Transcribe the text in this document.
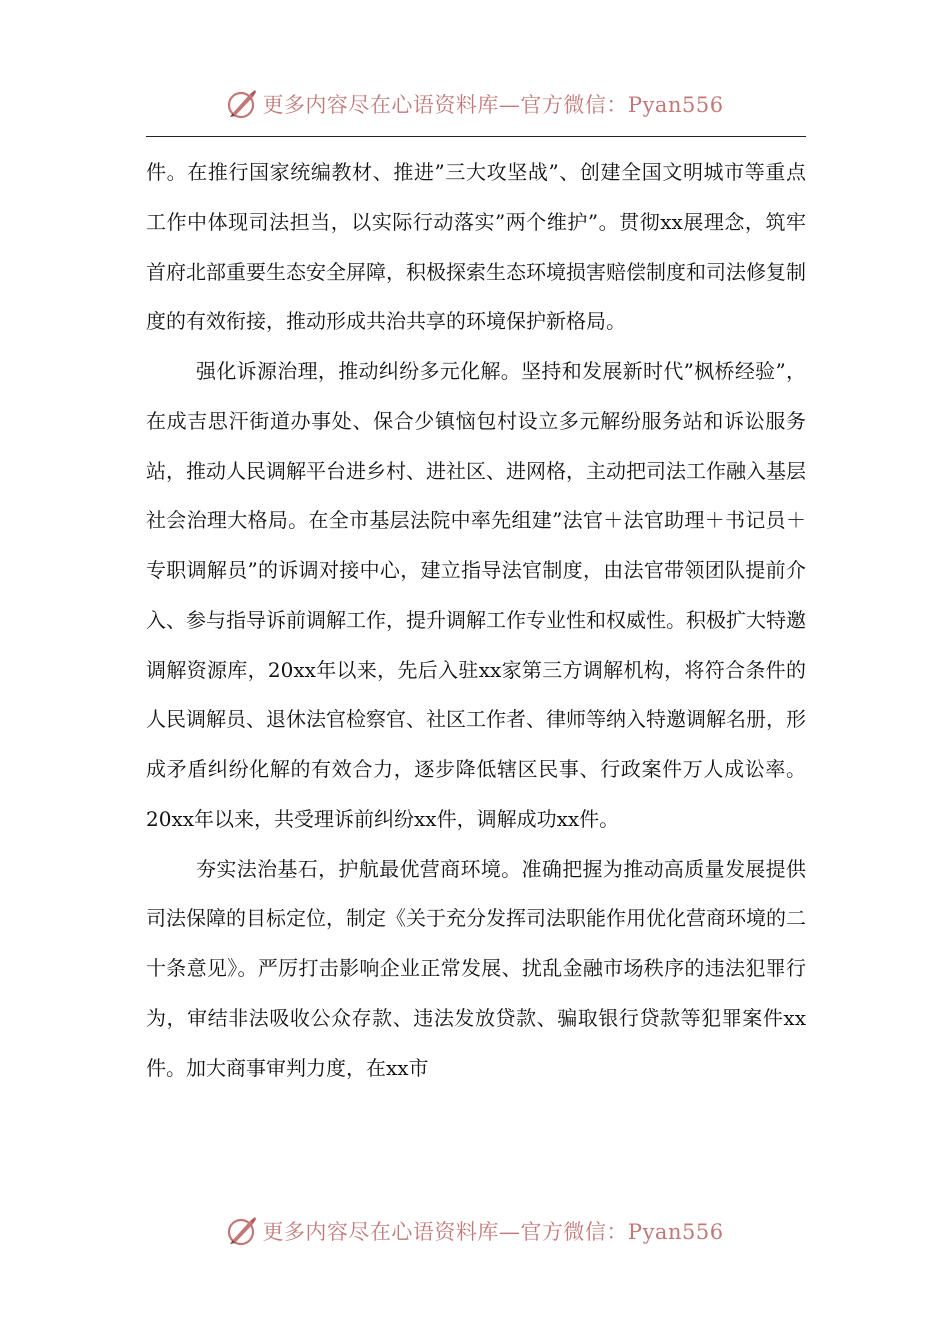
更多内容尽在心语资料库—官方微信：Pyan556

件。在推行国家统编教材、推进”三大攻坚战”、创建全国文明城市等重点工作中体现司法担当，以实际行动落实”两个维护”。贯彻xx展理念，筑牢首府北部重要生态安全屏障，积极探索生态环境损害赔偿制度和司法修复制度的有效衔接，推动形成共治共享的环境保护新格局。

强化诉源治理，推动纠纷多元化解。坚持和发展新时代”枫桥经验”，在成吉思汗街道办事处、保合少镇恼包村设立多元解纷服务站和诉讼服务站，推动人民调解平台进乡村、进社区、进网格，主动把司法工作融入基层社会治理大格局。在全市基层法院中率先组建”法官＋法官助理＋书记员＋专职调解员”的诉调对接中心，建立指导法官制度，由法官带领团队提前介入、参与指导诉前调解工作，提升调解工作专业性和权威性。积极扩大特邀调解资源库，20xx年以来，先后入驻xx家第三方调解机构，将符合条件的人民调解员、退休法官检察官、社区工作者、律师等纳入特邀调解名册，形成矛盾纠纷化解的有效合力，逐步降低辖区民事、行政案件万人成讼率。20xx年以来，共受理诉前纠纷xx件，调解成功xx件。

夯实法治基石，护航最优营商环境。准确把握为推动高质量发展提供司法保障的目标定位，制定《关于充分发挥司法职能作用优化营商环境的二十条意见》。严厉打击影响企业正常发展、扰乱金融市场秩序的违法犯罪行为，审结非法吸收公众存款、违法发放贷款、骗取银行贷款等犯罪案件xx件。加大商事审判力度，在xx市

更多内容尽在心语资料库—官方微信：Pyan556
